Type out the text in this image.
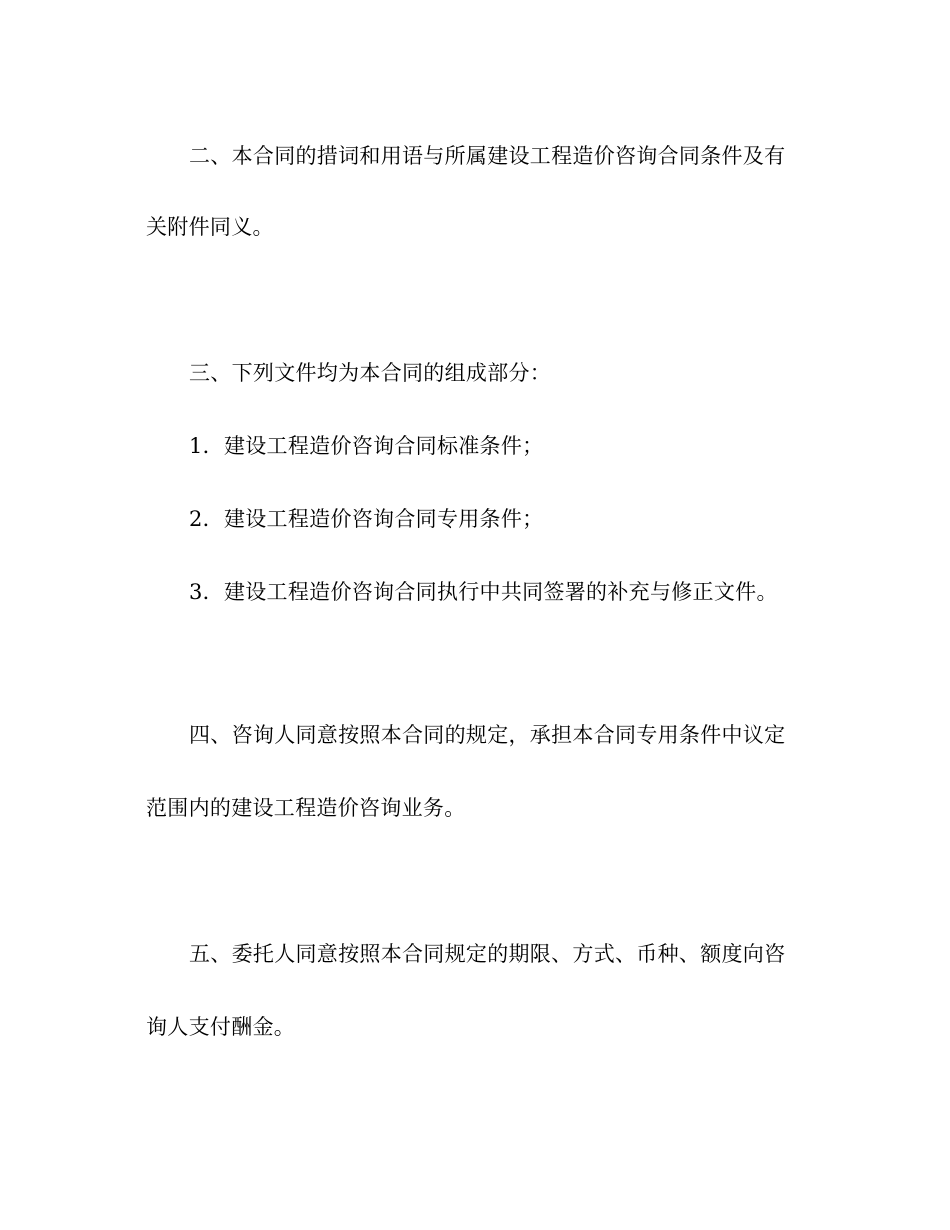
二、本合同的措词和用语与所属建设工程造价咨询合同条件及有
关附件同义。
三、下列文件均为本合同的组成部分：
1．建设工程造价咨询合同标准条件；
2．建设工程造价咨询合同专用条件；
3．建设工程造价咨询合同执行中共同签署的补充与修正文件。
四、咨询人同意按照本合同的规定，承担本合同专用条件中议定
范围内的建设工程造价咨询业务。
五、委托人同意按照本合同规定的期限、方式、币种、额度向咨
询人支付酬金。
